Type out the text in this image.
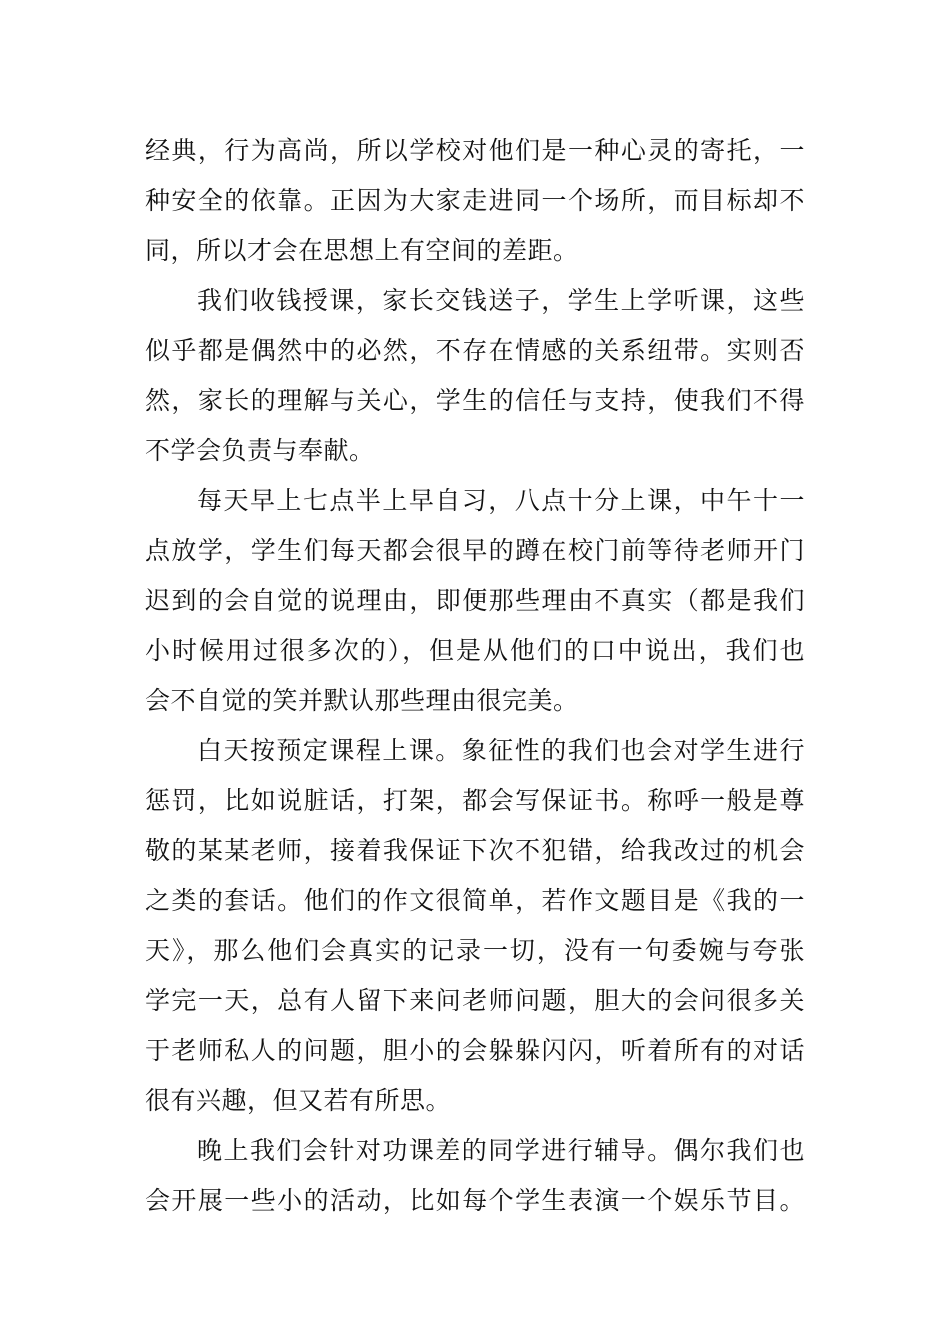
经典，行为高尚，所以学校对他们是一种心灵的寄托，一
种安全的依靠。正因为大家走进同一个场所，而目标却不
同，所以才会在思想上有空间的差距。
我们收钱授课，家长交钱送子，学生上学听课，这些
似乎都是偶然中的必然，不存在情感的关系纽带。实则否
然，家长的理解与关心，学生的信任与支持，使我们不得
不学会负责与奉献。
每天早上七点半上早自习，八点十分上课，中午十一
点放学，学生们每天都会很早的蹲在校门前等待老师开门
迟到的会自觉的说理由，即便那些理由不真实（都是我们
小时候用过很多次的），但是从他们的口中说出，我们也
会不自觉的笑并默认那些理由很完美。
白天按预定课程上课。象征性的我们也会对学生进行
惩罚，比如说脏话，打架，都会写保证书。称呼一般是尊
敬的某某老师，接着我保证下次不犯错，给我改过的机会
之类的套话。他们的作文很简单，若作文题目是《我的一
天》，那么他们会真实的记录一切，没有一句委婉与夸张
学完一天，总有人留下来问老师问题，胆大的会问很多关
于老师私人的问题，胆小的会躲躲闪闪，听着所有的对话
很有兴趣，但又若有所思。
晚上我们会针对功课差的同学进行辅导。偶尔我们也
会开展一些小的活动，比如每个学生表演一个娱乐节目。
